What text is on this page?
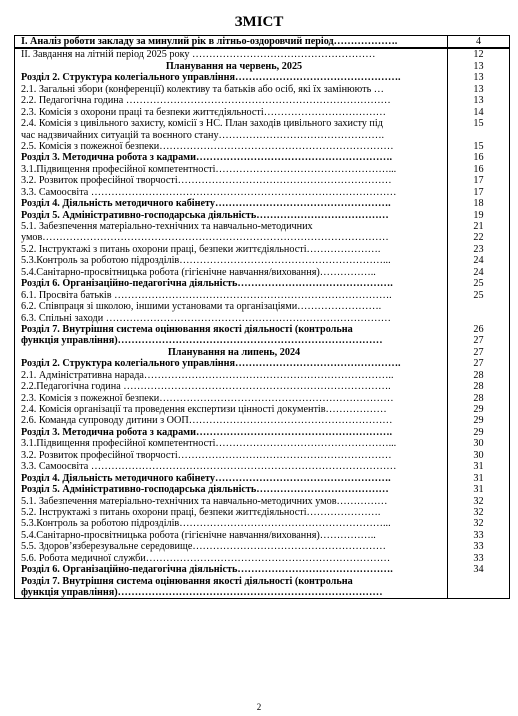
ЗМІСТ
I. Аналіз роботи закладу за минулий рік в літньо-оздоровчий період……………….	4
II. Завдання на літній період 2025 року ………………………………………………	12
Планування на червень, 2025	13
Розділ 2. Структура колегіального управління………………………………………….	13
2.1. Загальні збори (конференції) колективу та батьків або осіб, які їх замінюють …	13
2.2. Педагогічна година ……………………………………………………………………	13
2.3. Комісія з охорони праці та безпеки життєдіяльності………………………………	14
2.4. Комісія з цивільного захисту, комісії з НС. План заходів цивільного захисту під	15
час надзвичайних ситуацій та воєнного стану………………………………………….
2.5. Комісія з пожежної безпеки……………………………………………………………	15
Розділ 3. Методична робота з кадрами………………………………………………….	16
3.1.Підвищення професійної компетентності……………………………………………...	16
3.2. Розвиток професійної творчості………………………………………………………	17
3.3. Самоосвіта ………………………………………………………………………………	17
Розділ 4. Діяльність методичного кабінету…………………………………………….	18
Розділ 5. Адміністративно-господарська діяльність…………………………………	19
5.1. Забезпечення матеріально-технічних та навчально-методичних	21
умов…………………………………………………………………………………………	22
5.2. Інструктажі з питань охорони праці, безпеки життєдіяльності………………….	23
5.3.Контроль за роботою підрозділів……………………………………………………...	24
5.4.Санітарно-просвітницька робота (гігієнічне навчання/виховання)……………..	24
Розділ 6. Організаційно-педагогічна діяльність……………………………………….	25
6.1. Просвіта батьків ……………………………………………………………………….	25
6.2. Співпраця зі школою, іншими установами та організаціями…………………….
6.3. Спільні заходи …………………………………………………………………………
Розділ 7. Внутрішня система оцінювання якості діяльності (контрольна	26
функція управління)……………………………………………………………………	27
Планування на липень, 2024	27
Розділ 2. Структура колегіального управління………………………………………….	27
2.1. Адміністративна нарада………………………………………………………………..	28
2.2.Педагогічна година …………………………………………………………………….	28
2.3. Комісія з пожежної безпеки……………………………………………………………	28
2.4. Комісія організації та проведення експертизи цінності документів………………	29
2.6. Команда супроводу дитини з ООП……………………………………………………	29
Розділ 3. Методична робота з кадрами………………………………………………….	29
3.1.Підвищення професійної компетентності……………………………………………...	30
3.2. Розвиток професійної творчості………………………………………………………	30
3.3. Самоосвіта ………………………………………………………………………………	31
Розділ 4. Діяльність методичного кабінету…………………………………………….	31
Розділ 5. Адміністративно-господарська діяльність…………………………………	31
5.1. Забезпечення матеріально-технічних та навчально-методичних умов……………	32
5.2. Інструктажі з питань охорони праці, безпеки життєдіяльності………………….	32
5.3.Контроль за роботою підрозділів……………………………………………………...	32
5.4.Санітарно-просвітницька робота (гігієнічне навчання/виховання)……………..	33
5.5. Здоров’язберезувальне середовище…………………………………………………	33
5.6. Робота медичної служби………………………………………………………………	33
Розділ 6. Організаційно-педагогічна діяльність……………………………………….	34
Розділ 7. Внутрішня система оцінювання якості діяльності (контрольна
функція управління)……………………………………………………………………
2
